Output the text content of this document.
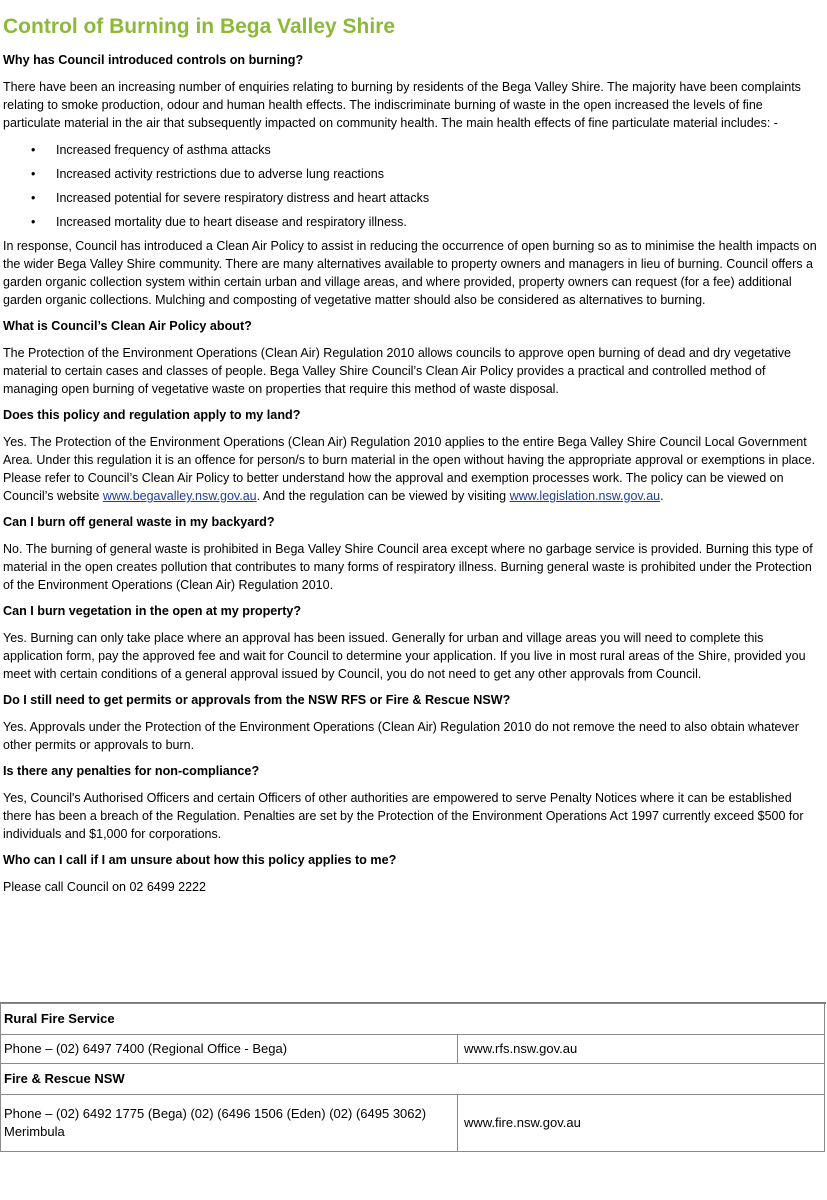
Control of Burning in Bega Valley Shire
Why has Council introduced controls on burning?

There have been an increasing number of enquiries relating to burning by residents of the Bega Valley Shire. The majority have been complaints relating to smoke production, odour and human health effects. The indiscriminate burning of waste in the open increased the levels of fine particulate material in the air that subsequently impacted on community health. The main health effects of fine particulate material includes: -

• Increased frequency of asthma attacks
• Increased activity restrictions due to adverse lung reactions
• Increased potential for severe respiratory distress and heart attacks
• Increased mortality due to heart disease and respiratory illness.

In response, Council has introduced a Clean Air Policy to assist in reducing the occurrence of open burning so as to minimise the health impacts on the wider Bega Valley Shire community. There are many alternatives available to property owners and managers in lieu of burning. Council offers a garden organic collection system within certain urban and village areas, and where provided, property owners can request (for a fee) additional garden organic collections. Mulching and composting of vegetative matter should also be considered as alternatives to burning.

What is Council’s Clean Air Policy about?

The Protection of the Environment Operations (Clean Air) Regulation 2010 allows councils to approve open burning of dead and dry vegetative material to certain cases and classes of people. Bega Valley Shire Council’s Clean Air Policy provides a practical and controlled method of managing open burning of vegetative waste on properties that require this method of waste disposal.

Does this policy and regulation apply to my land?

Yes. The Protection of the Environment Operations (Clean Air) Regulation 2010 applies to the entire Bega Valley Shire Council Local Government Area. Under this regulation it is an offence for person/s to burn material in the open without having the appropriate approval or exemptions in place. Please refer to Council’s Clean Air Policy to better understand how the approval and exemption processes work. The policy can be viewed on Council’s website www.begavalley.nsw.gov.au. And the regulation can be viewed by visiting www.legislation.nsw.gov.au.

Can I burn off general waste in my backyard?

No. The burning of general waste is prohibited in Bega Valley Shire Council area except where no garbage service is provided. Burning this type of material in the open creates pollution that contributes to many forms of respiratory illness. Burning general waste is prohibited under the Protection of the Environment Operations (Clean Air) Regulation 2010.

Can I burn vegetation in the open at my property?

Yes. Burning can only take place where an approval has been issued. Generally for urban and village areas you will need to complete this application form, pay the approved fee and wait for Council to determine your application. If you live in most rural areas of the Shire, provided you meet with certain conditions of a general approval issued by Council, you do not need to get any other approvals from Council.

Do I still need to get permits or approvals from the NSW RFS or Fire & Rescue NSW?

Yes. Approvals under the Protection of the Environment Operations (Clean Air) Regulation 2010 do not remove the need to also obtain whatever other permits or approvals to burn.

Is there any penalties for non-compliance?

Yes, Council's Authorised Officers and certain Officers of other authorities are empowered to serve Penalty Notices where it can be established there has been a breach of the Regulation. Penalties are set by the Protection of the Environment Operations Act 1997 currently exceed $500 for individuals and $1,000 for corporations.

Who can I call if I am unsure about how this policy applies to me?

Please call Council on 02 6499 2222

Rural Fire Service	
Phone – (02) 6497 7400 (Regional Office - Bega)	www.rfs.nsw.gov.au
Fire & Rescue NSW	
Phone – (02) 6492 1775 (Bega) (02) (6496 1506 (Eden) (02) (6495 3062) Merimbula	www.fire.nsw.gov.au
